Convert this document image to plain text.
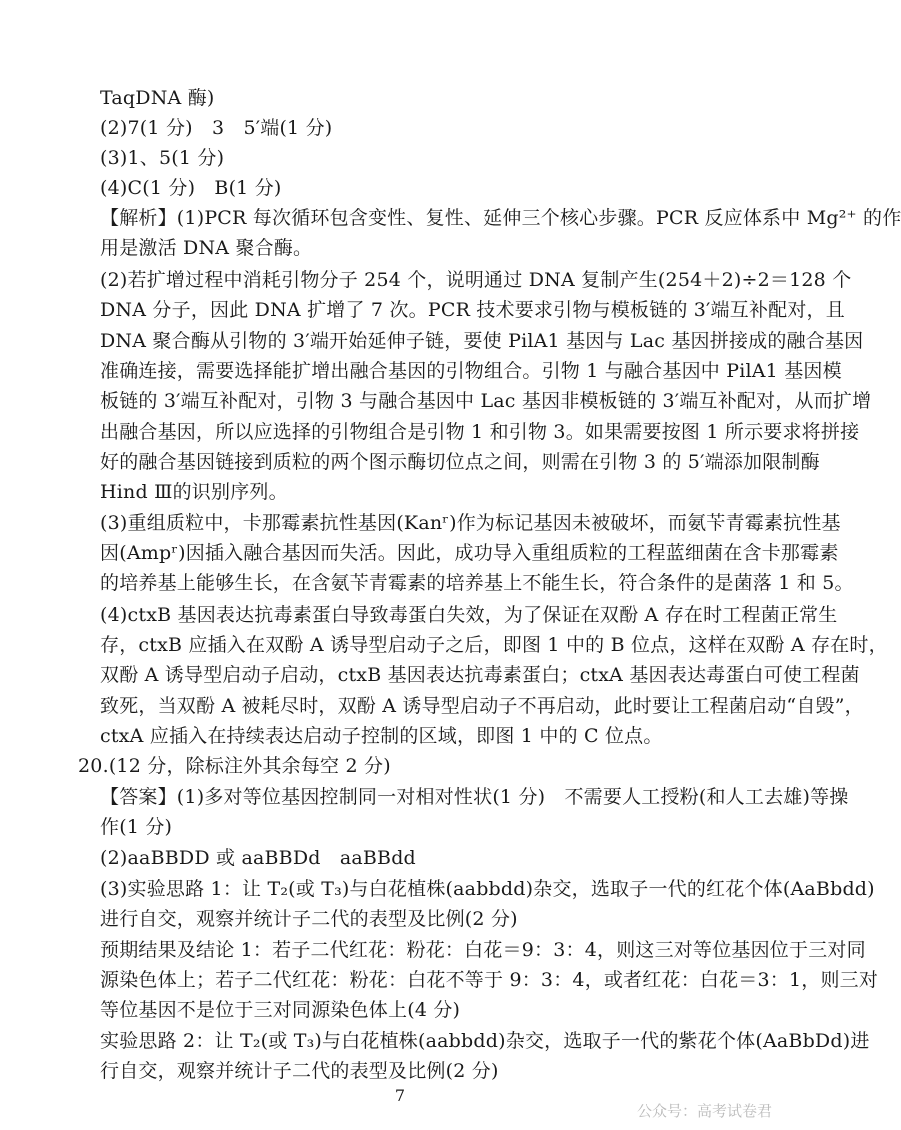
TaqDNA 酶)
(2)7(1 分)　3　5′端(1 分)
(3)1、5(1 分)
(4)C(1 分)　B(1 分)
【解析】(1)PCR 每次循环包含变性、复性、延伸三个核心步骤。PCR 反应体系中 Mg²⁺ 的作
用是激活 DNA 聚合酶。
(2)若扩增过程中消耗引物分子 254 个，说明通过 DNA 复制产生(254＋2)÷2＝128 个
DNA 分子，因此 DNA 扩增了 7 次。PCR 技术要求引物与模板链的 3′端互补配对，且
DNA 聚合酶从引物的 3′端开始延伸子链，要使 PilA1 基因与 Lac 基因拼接成的融合基因
准确连接，需要选择能扩增出融合基因的引物组合。引物 1 与融合基因中 PilA1 基因模
板链的 3′端互补配对，引物 3 与融合基因中 Lac 基因非模板链的 3′端互补配对，从而扩增
出融合基因，所以应选择的引物组合是引物 1 和引物 3。如果需要按图 1 所示要求将拼接
好的融合基因链接到质粒的两个图示酶切位点之间，则需在引物 3 的 5′端添加限制酶
Hind Ⅲ的识别序列。
(3)重组质粒中，卡那霉素抗性基因(Kanʳ)作为标记基因未被破坏，而氨苄青霉素抗性基
因(Ampʳ)因插入融合基因而失活。因此，成功导入重组质粒的工程蓝细菌在含卡那霉素
的培养基上能够生长，在含氨苄青霉素的培养基上不能生长，符合条件的是菌落 1 和 5。
(4)ctxB 基因表达抗毒素蛋白导致毒蛋白失效，为了保证在双酚 A 存在时工程菌正常生
存，ctxB 应插入在双酚 A 诱导型启动子之后，即图 1 中的 B 位点，这样在双酚 A 存在时，
双酚 A 诱导型启动子启动，ctxB 基因表达抗毒素蛋白；ctxA 基因表达毒蛋白可使工程菌
致死，当双酚 A 被耗尽时，双酚 A 诱导型启动子不再启动，此时要让工程菌启动“自毁”，
ctxA 应插入在持续表达启动子控制的区域，即图 1 中的 C 位点。
20.(12 分，除标注外其余每空 2 分)
【答案】(1)多对等位基因控制同一对相对性状(1 分)　不需要人工授粉(和人工去雄)等操
作(1 分)
(2)aaBBDD 或 aaBBDd　aaBBdd
(3)实验思路 1：让 T₂(或 T₃)与白花植株(aabbdd)杂交，选取子一代的红花个体(AaBbdd)
进行自交，观察并统计子二代的表型及比例(2 分)
预期结果及结论 1：若子二代红花：粉花：白花＝9：3：4，则这三对等位基因位于三对同
源染色体上；若子二代红花：粉花：白花不等于 9：3：4，或者红花：白花＝3：1，则三对
等位基因不是位于三对同源染色体上(4 分)
实验思路 2：让 T₂(或 T₃)与白花植株(aabbdd)杂交，选取子一代的紫花个体(AaBbDd)进
行自交，观察并统计子二代的表型及比例(2 分)
7
公众号：高考试卷君
